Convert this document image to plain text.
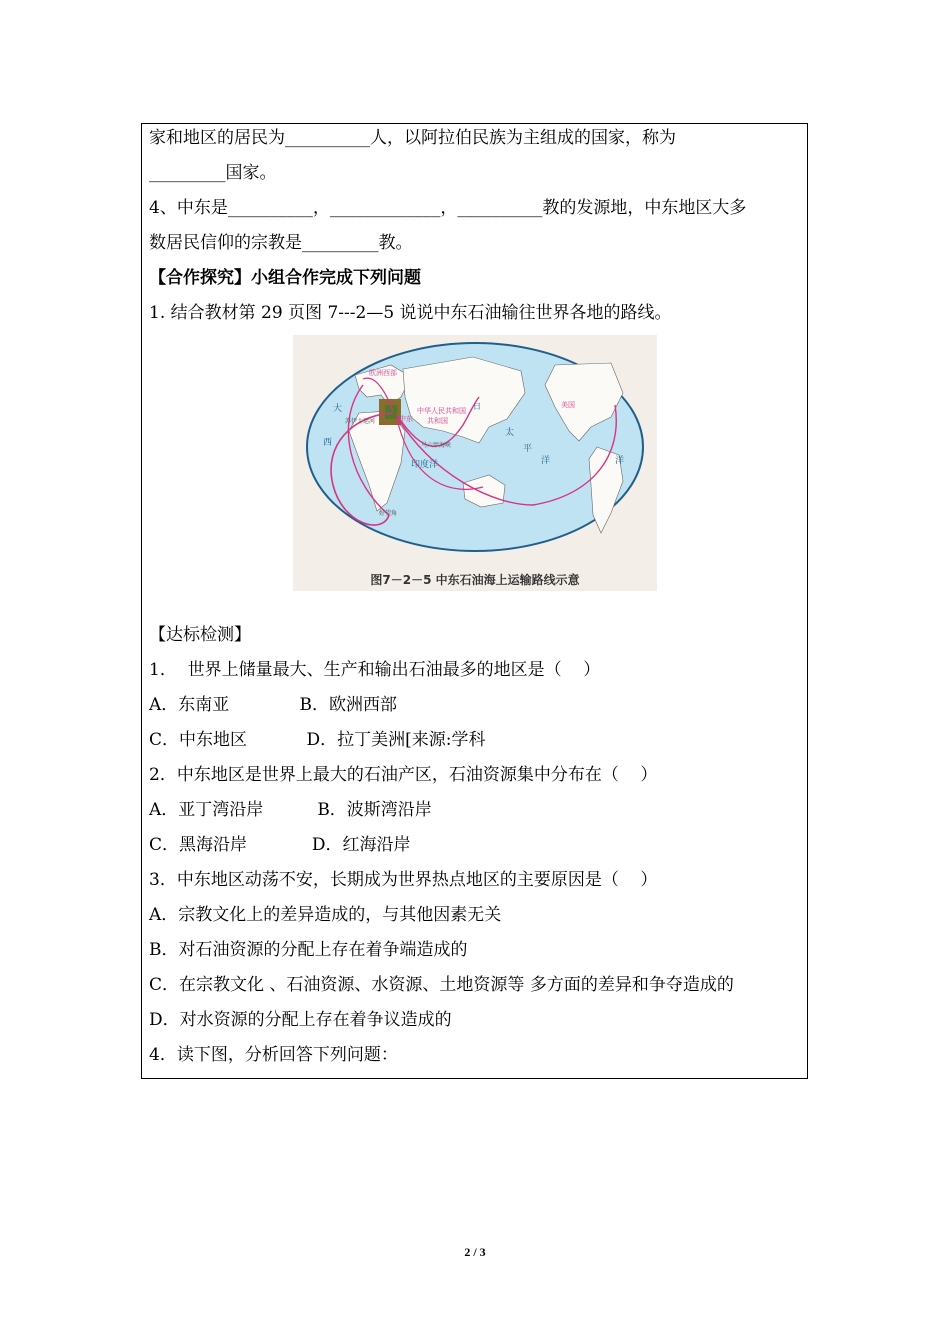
家和地区的居民为__________人，以阿拉伯民族为主组成的国家，称为
_________国家。
4、中东是__________，_____________，__________教的发源地，中东地区大多
数居民信仰的宗教是_________教。
【合作探究】小组合作完成下列问题
1. 结合教材第 29 页图 7---2—5 说说中东石油输往世界各地的路线。
欧洲西部
中东
中华人民共和国
共和国
美国
日
苏伊士运河
马六甲海峡
好望角
印度洋
太
平
洋
西
大
洋
图7－2－5 中东石油海上运输路线示意
【达标检测】
1．  世界上储量最大、生产和输出石油最多的地区是（    ）
A．东南亚             B．欧洲西部
C．中东地区           D．拉丁美洲[来源:学科
2．中东地区是世界上最大的石油产区，石油资源集中分布在（    ）
A．亚丁湾沿岸          B．波斯湾沿岸
C．黑海沿岸            D．红海沿岸
3．中东地区动荡不安，长期成为世界热点地区的主要原因是（    ）
A．宗教文化上的差异造成的，与其他因素无关
B．对石油资源的分配上存在着争端造成的
C．在宗教文化 、石油资源、水资源、土地资源等 多方面的差异和争夺造成的
D．对水资源的分配上存在着争议造成的
4．读下图，分析回答下列问题：
2 / 3
